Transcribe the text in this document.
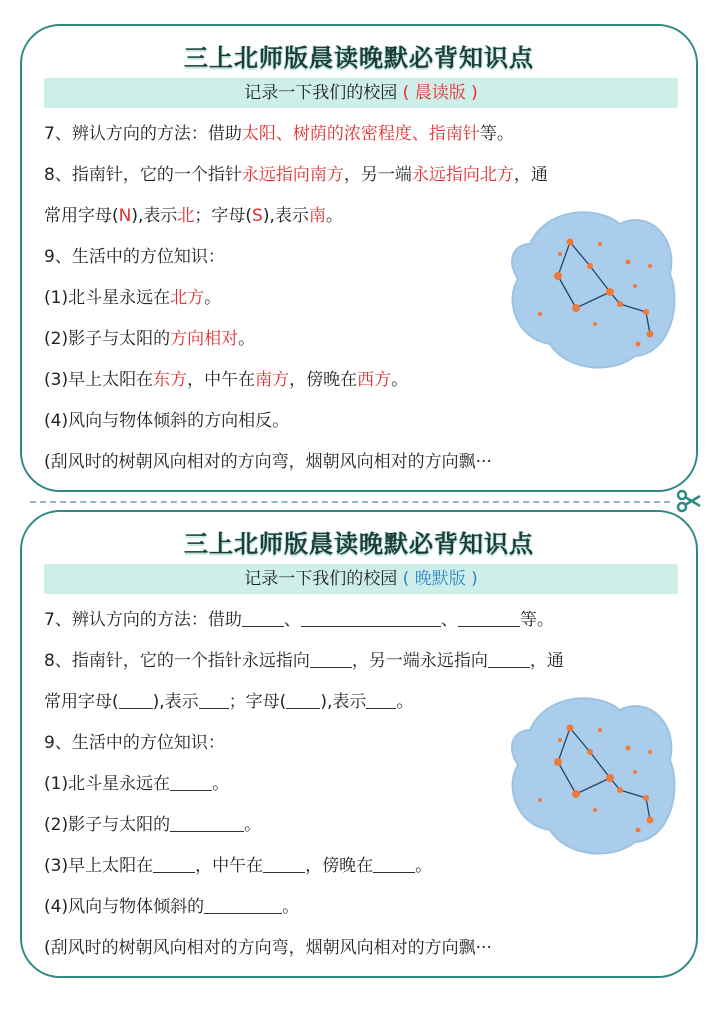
三上北师版晨读晚默必背知识点
记录一下我们的校园 ( 晨读版 )
7、辨认方向的方法：借助太阳、树荫的浓密程度、指南针等。
8、指南针，它的一个指针永远指向南方，另一端永远指向北方，通
常用字母(N),表示北；字母(S),表示南。
9、生活中的方位知识：
(1)北斗星永远在北方。
(2)影子与太阳的方向相对。
(3)早上太阳在东方，中午在南方，傍晚在西方。
(4)风向与物体倾斜的方向相反。
(刮风时的树朝风向相对的方向弯，烟朝风向相对的方向飘···
三上北师版晨读晚默必背知识点
记录一下我们的校园 ( 晚默版 )
7、辨认方向的方法：借助 、	、	等。
8、指南针，它的一个指针永远指向 ，另一端永远指向 ，通
常用字母( ),表示 ；字母( ),表示 。
9、生活中的方位知识：
(1)北斗星永远在 。
(2)影子与太阳的	。
(3)早上太阳在 ，中午在 ，傍晚在 。
(4)风向与物体倾斜的	。
(刮风时的树朝风向相对的方向弯，烟朝风向相对的方向飘···
